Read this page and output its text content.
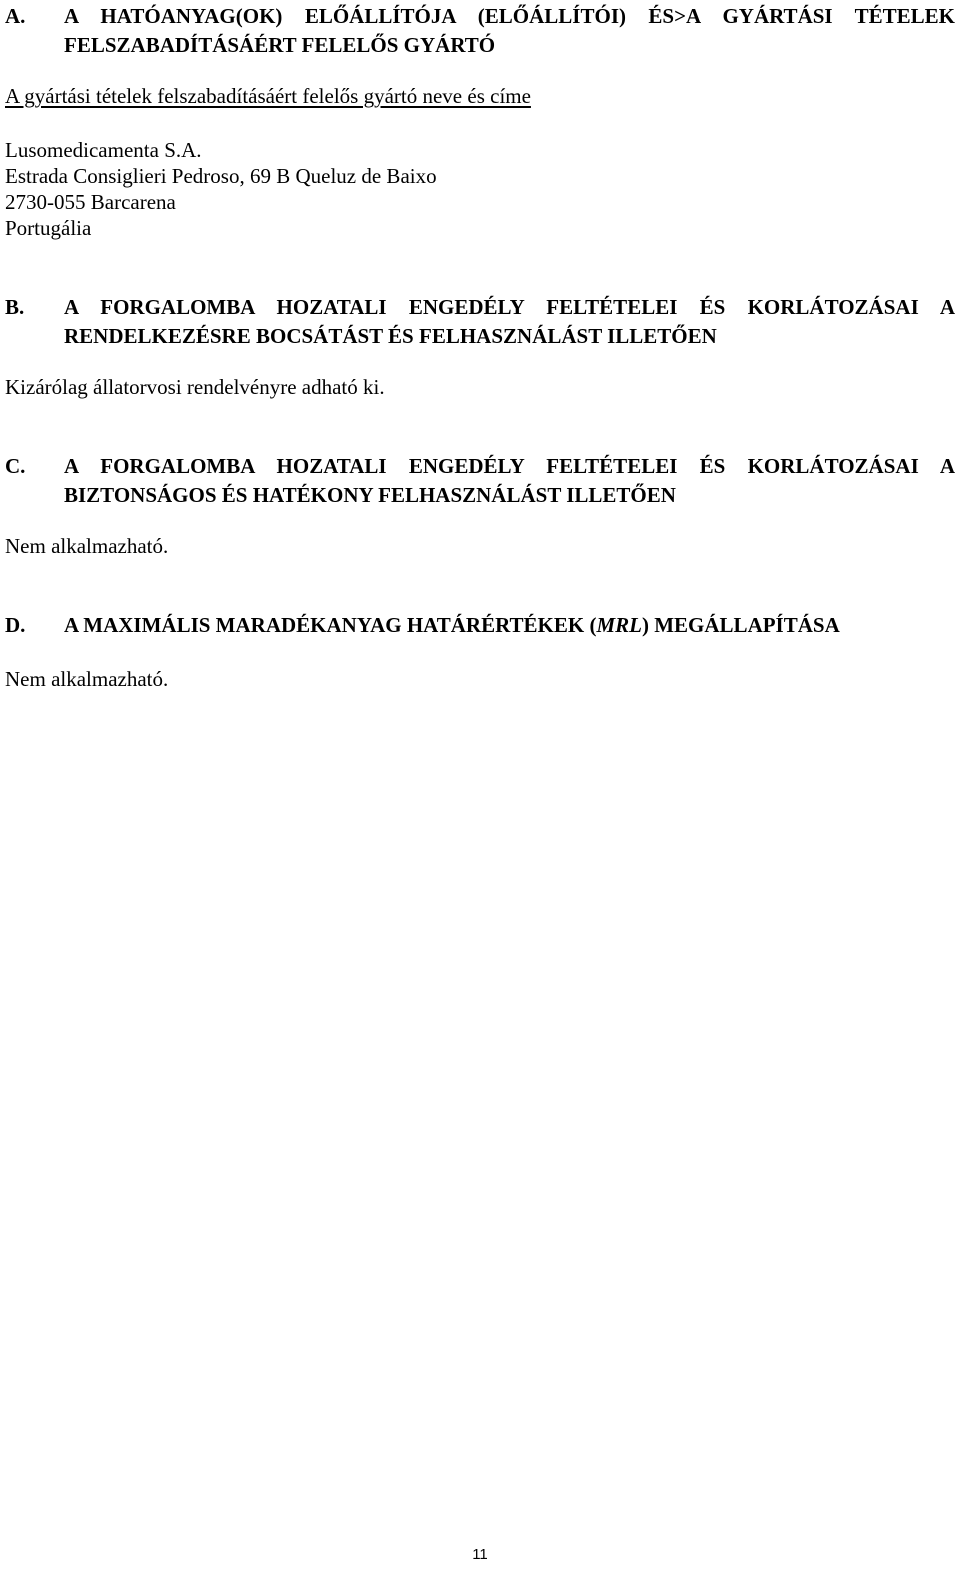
A. A HATÓANYAG(OK) ELŐÁLLÍTÓJA (ELŐÁLLÍTÓI) ÉS>A GYÁRTÁSI TÉTELEK
FELSZABADÍTÁSÁÉRT FELELŐS GYÁRTÓ
A gyártási tételek felszabadításáért felelős gyártó neve és címe
Lusomedicamenta S.A.
Estrada Consiglieri Pedroso, 69 B Queluz de Baixo
2730-055 Barcarena
Portugália
B. A FORGALOMBA HOZATALI ENGEDÉLY FELTÉTELEI ÉS KORLÁTOZÁSAI A
RENDELKEZÉSRE BOCSÁTÁST ÉS FELHASZNÁLÁST ILLETŐEN
Kizárólag állatorvosi rendelvényre adható ki.
C. A FORGALOMBA HOZATALI ENGEDÉLY FELTÉTELEI ÉS KORLÁTOZÁSAI A
BIZTONSÁGOS ÉS HATÉKONY FELHASZNÁLÁST ILLETŐEN
Nem alkalmazható.
D. A MAXIMÁLIS MARADÉKANYAG HATÁRÉRTÉKEK (MRL) MEGÁLLAPÍTÁSA
Nem alkalmazható.
11
